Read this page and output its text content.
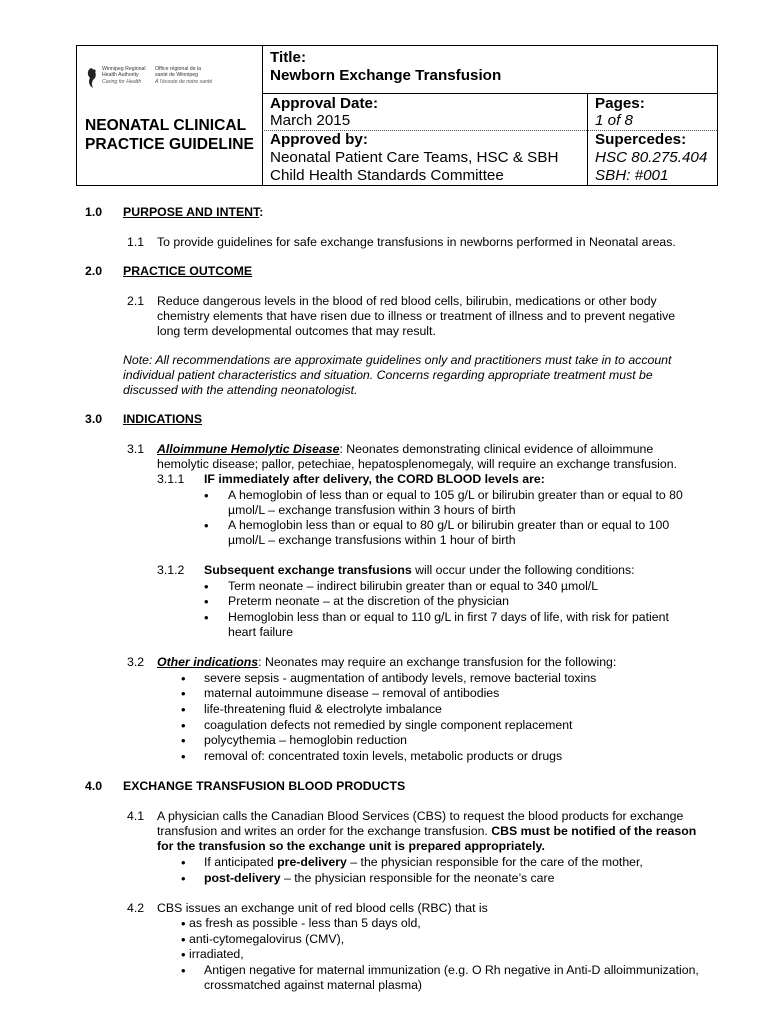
Winnipeg Regional
Health Authority
Caring for Health
Office régional de la
santé de Winnipeg
À l'écoute de notre santé
NEONATAL CLINICAL
PRACTICE GUIDELINE
Title:
Newborn Exchange Transfusion
Approval Date:
March 2015
Approved by:
Neonatal Patient Care Teams, HSC & SBH
Child Health Standards Committee
Pages:
1 of 8
Supercedes:
HSC 80.275.404
SBH: #001
1.0 PURPOSE AND INTENT:
1.1 To provide guidelines for safe exchange transfusions in newborns performed in Neonatal areas.
2.0 PRACTICE OUTCOME
2.1 Reduce dangerous levels in the blood of red blood cells, bilirubin, medications or other body
chemistry elements that have risen due to illness or treatment of illness and to prevent negative
long term developmental outcomes that may result.
Note: All recommendations are approximate guidelines only and practitioners must take in to account
individual patient characteristics and situation. Concerns regarding appropriate treatment must be
discussed with the attending neonatologist.
3.0 INDICATIONS
3.1 Alloimmune Hemolytic Disease: Neonates demonstrating clinical evidence of alloimmune
hemolytic disease; pallor, petechiae, hepatosplenomegaly, will require an exchange transfusion.
3.1.1 IF immediately after delivery, the CORD BLOOD levels are:
• A hemoglobin of less than or equal to 105 g/L or bilirubin greater than or equal to 80
µmol/L – exchange transfusion within 3 hours of birth
• A hemoglobin less than or equal to 80 g/L or bilirubin greater than or equal to 100
µmol/L – exchange transfusions within 1 hour of birth
3.1.2 Subsequent exchange transfusions will occur under the following conditions:
• Term neonate – indirect bilirubin greater than or equal to 340 µmol/L
• Preterm neonate – at the discretion of the physician
• Hemoglobin less than or equal to 110 g/L in first 7 days of life, with risk for patient
heart failure
3.2 Other indications: Neonates may require an exchange transfusion for the following:
• severe sepsis - augmentation of antibody levels, remove bacterial toxins
• maternal autoimmune disease – removal of antibodies
• life-threatening fluid & electrolyte imbalance
• coagulation defects not remedied by single component replacement
• polycythemia – hemoglobin reduction
• removal of: concentrated toxin levels, metabolic products or drugs
4.0 EXCHANGE TRANSFUSION BLOOD PRODUCTS
4.1 A physician calls the Canadian Blood Services (CBS) to request the blood products for exchange
transfusion and writes an order for the exchange transfusion. CBS must be notified of the reason
for the transfusion so the exchange unit is prepared appropriately.
• If anticipated pre-delivery – the physician responsible for the care of the mother,
• post-delivery – the physician responsible for the neonate’s care
4.2 CBS issues an exchange unit of red blood cells (RBC) that is
• as fresh as possible - less than 5 days old,
• anti-cytomegalovirus (CMV),
• irradiated,
• Antigen negative for maternal immunization (e.g. O Rh negative in Anti-D alloimmunization,
crossmatched against maternal plasma)
